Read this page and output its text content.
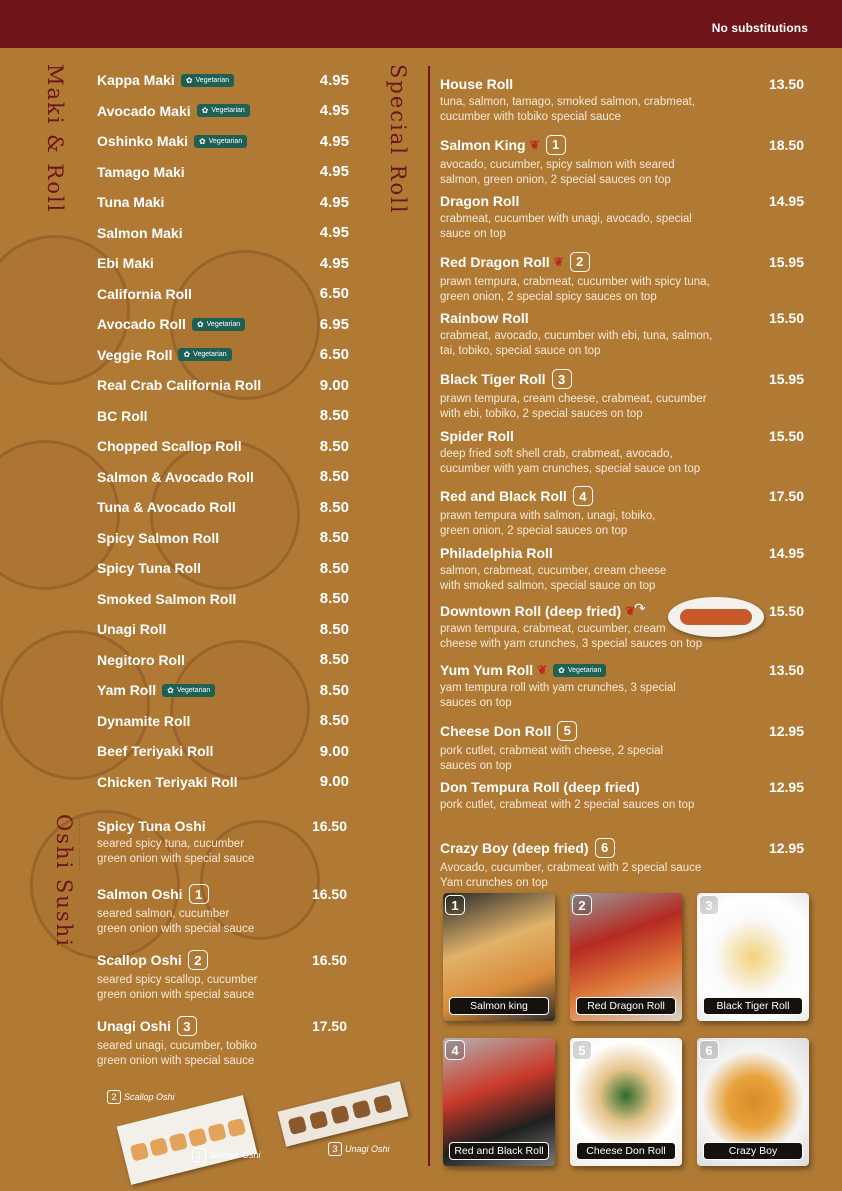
No substitutions
Maki & Roll	Special Roll
Oshi Sushi ·········· ·········
Kappa Maki ✿ Vegetarian	4.95
Avocado Maki ✿ Vegetarian	4.95
Oshinko Maki ✿ Vegetarian	4.95
Tamago Maki	4.95
Tuna Maki	4.95
Salmon Maki	4.95
Ebi Maki	4.95
California Roll	6.50
Avocado Roll ✿ Vegetarian	6.95
Veggie Roll ✿ Vegetarian	6.50
Real Crab California Roll	9.00
BC Roll	8.50
Chopped Scallop Roll	8.50
Salmon & Avocado Roll	8.50
Tuna & Avocado Roll	8.50
Spicy Salmon Roll	8.50
Spicy Tuna Roll	8.50
Smoked Salmon Roll	8.50
Unagi Roll	8.50
Negitoro Roll	8.50
Yam Roll ✿ Vegetarian	8.50
Dynamite Roll	8.50
Beef Teriyaki Roll	9.00
Chicken Teriyaki Roll	9.00
Spicy Tuna Oshi	16.50
seared spicy tuna, cucumber
green onion with special sauce
Salmon Oshi 1	16.50
seared salmon, cucumber
green onion with special sauce
Scallop Oshi 2	16.50
seared spicy scallop, cucumber
green onion with special sauce
Unagi Oshi 3	17.50
seared unagi, cucumber, tobiko
green onion with special sauce
2 Scallop Oshi
1 Salmon Oshi
3 Unagi Oshi
House Roll	13.50
tuna, salmon, tamago, smoked salmon, crabmeat,
cucumber with tobiko special sauce
Salmon King ❦ 1	18.50
avocado, cucumber, spicy salmon with seared
salmon, green onion, 2 special sauces on top
Dragon Roll	14.95
crabmeat, cucumber with unagi, avocado, special
sauce on top
Red Dragon Roll ❦ 2	15.95
prawn tempura, crabmeat, cucumber with spicy tuna,
green onion, 2 special spicy sauces on top
Rainbow Roll	15.50
crabmeat, avocado, cucumber with ebi, tuna, salmon,
tai, tobiko, special sauce on top
Black Tiger Roll 3	15.95
prawn tempura, cream cheese, crabmeat, cucumber
with ebi, tobiko, 2 special sauces on top
Spider Roll	15.50
deep fried soft shell crab, crabmeat, avocado,
cucumber with yam crunches, special sauce on top
Red and Black Roll 4	17.50
prawn tempura with salmon, unagi, tobiko,
green onion, 2 special sauces on top
Philadelphia Roll	14.95
salmon, crabmeat, cucumber, cream cheese
with smoked salmon, special sauce on top
Downtown Roll (deep fried) ❦	15.50
prawn tempura, crabmeat, cucumber, cream
cheese with yam crunches, 3 special sauces on top
Yum Yum Roll ❦ ✿ Vegetarian	13.50
yam tempura roll with yam crunches, 3 special
sauces on top
Cheese Don Roll 5	12.95
pork cutlet, crabmeat with cheese, 2 special
sauces on top
Don Tempura Roll (deep fried)	12.95
pork cutlet, crabmeat with 2 special sauces on top
Crazy Boy (deep fried) 6	12.95
Avocado, cucumber, crabmeat with 2 special sauce
Yam crunches on top
↷
1
Salmon king
2
Red Dragon Roll
3
Black Tiger Roll
4
Red and Black Roll
5
Cheese Don Roll
6
Crazy Boy
